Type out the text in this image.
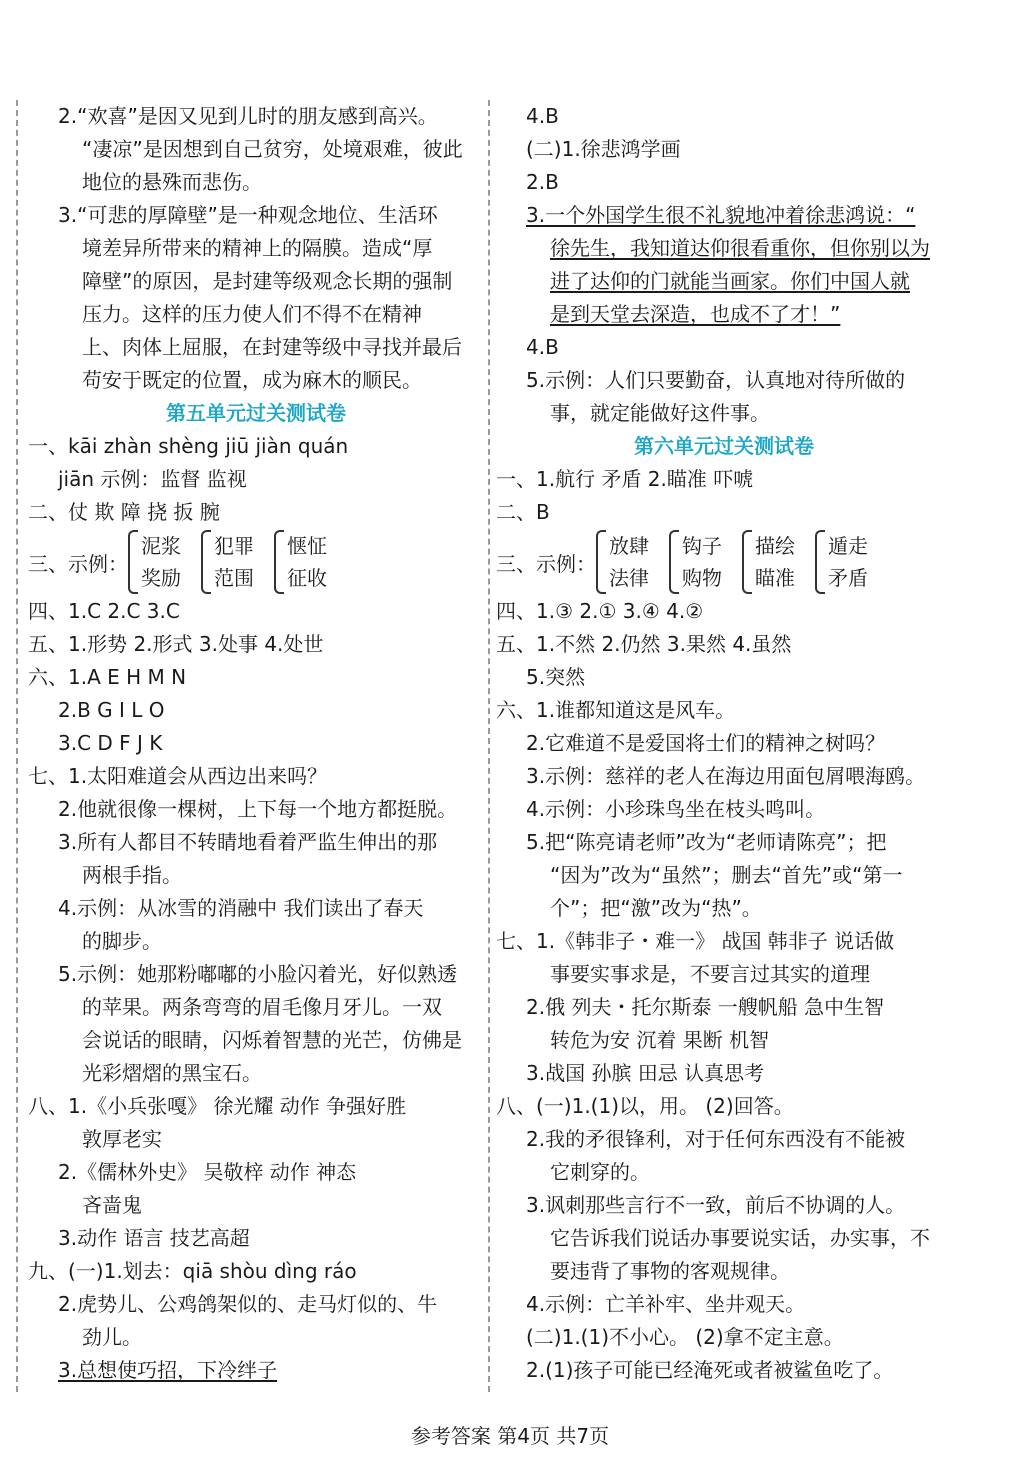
2.“欢喜”是因又见到儿时的朋友感到高兴。
“凄凉”是因想到自己贫穷，处境艰难，彼此
地位的悬殊而悲伤。
3.“可悲的厚障壁”是一种观念地位、生活环
境差异所带来的精神上的隔膜。造成“厚
障壁”的原因，是封建等级观念长期的强制
压力。这样的压力使人们不得不在精神
上、肉体上屈服，在封建等级中寻找并最后
苟安于既定的位置，成为麻木的顺民。
第五单元过关测试卷
一、kāi zhàn shèng jiū jiàn quán
jiān 示例：监督 监视
二、仗 欺 障 挠 扳 腕
三、示例：
泥浆
奖励
犯罪
范围
惬怔
征收
四、1.C 2.C 3.C
五、1.形势 2.形式 3.处事 4.处世
六、1.A E H M N
2.B G I L O
3.C D F J K
七、1.太阳难道会从西边出来吗？
2.他就很像一棵树，上下每一个地方都挺脱。
3.所有人都目不转睛地看着严监生伸出的那
两根手指。
4.示例：从冰雪的消融中 我们读出了春天
的脚步。
5.示例：她那粉嘟嘟的小脸闪着光，好似熟透
的苹果。两条弯弯的眉毛像月牙儿。一双
会说话的眼睛，闪烁着智慧的光芒，仿佛是
光彩熠熠的黑宝石。
八、1.《小兵张嘎》 徐光耀 动作 争强好胜
敦厚老实
2.《儒林外史》 吴敬梓 动作 神态
吝啬鬼
3.动作 语言 技艺高超
九、(一)1.划去：qiā shòu dìng ráo
2.虎势儿、公鸡鸽架似的、走马灯似的、牛
劲儿。
3.总想使巧招，下冷绊子
4.B
(二)1.徐悲鸿学画
2.B
3.一个外国学生很不礼貌地冲着徐悲鸿说：“
徐先生，我知道达仰很看重你，但你别以为
进了达仰的门就能当画家。你们中国人就
是到天堂去深造，也成不了才！”
4.B
5.示例：人们只要勤奋，认真地对待所做的
事，就定能做好这件事。
第六单元过关测试卷
一、1.航行 矛盾 2.瞄准 吓唬
二、B
三、示例：
放肆
法律
钩子
购物
描绘
瞄准
遁走
矛盾
四、1.③ 2.① 3.④ 4.②
五、1.不然 2.仍然 3.果然 4.虽然
5.突然
六、1.谁都知道这是风车。
2.它难道不是爱国将士们的精神之树吗？
3.示例：慈祥的老人在海边用面包屑喂海鸥。
4.示例：小珍珠鸟坐在枝头鸣叫。
5.把“陈亮请老师”改为“老师请陈亮”；把
“因为”改为“虽然”；删去“首先”或“第一
个”；把“激”改为“热”。
七、1.《韩非子・难一》 战国 韩非子 说话做
事要实事求是，不要言过其实的道理
2.俄 列夫・托尔斯泰 一艘帆船 急中生智
转危为安 沉着 果断 机智
3.战国 孙膑 田忌 认真思考
八、(一)1.(1)以，用。 (2)回答。
2.我的矛很锋利，对于任何东西没有不能被
它刺穿的。
3.讽刺那些言行不一致，前后不协调的人。
它告诉我们说话办事要说实话，办实事，不
要违背了事物的客观规律。
4.示例：亡羊补牢、坐井观天。
(二)1.(1)不小心。 (2)拿不定主意。
2.(1)孩子可能已经淹死或者被鲨鱼吃了。
参考答案 第4页 共7页
